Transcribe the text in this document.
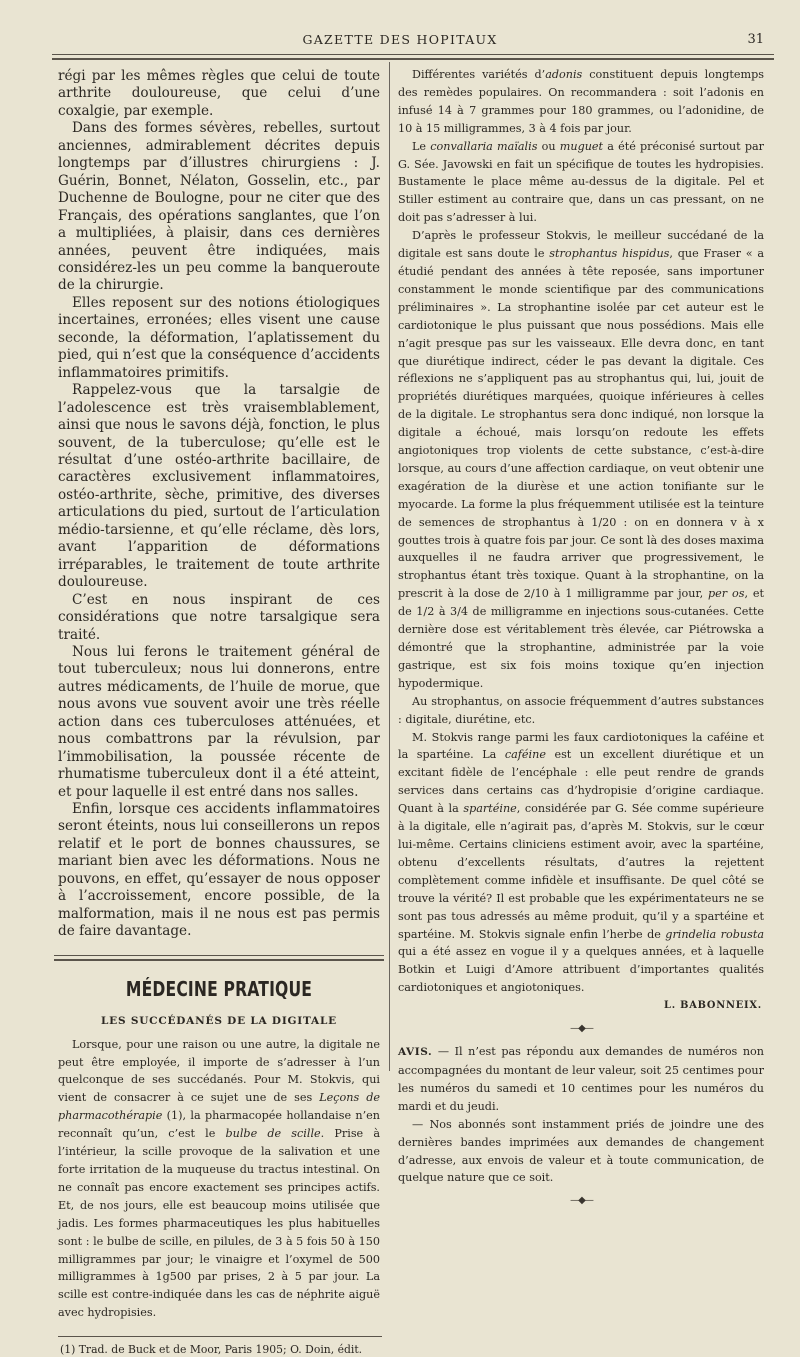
GAZETTE DES HOPITAUX	31

régi par les mêmes règles que celui de toute arthrite douloureuse, que celui d’une coxalgie, par exemple.

Dans des formes sévères, rebelles, surtout anciennes, admirablement décrites depuis longtemps par d’illustres chirurgiens : J. Guérin, Bonnet, Nélaton, Gosselin, etc., par Duchenne de Boulogne, pour ne citer que des Français, des opérations sanglantes, que l’on a multipliées, à plaisir, dans ces dernières années, peuvent être indiquées, mais considérez-les un peu comme la banqueroute de la chirurgie.

Elles reposent sur des notions étiologiques incertaines, erronées; elles visent une cause seconde, la déformation, l’aplatissement du pied, qui n’est que la conséquence d’accidents inflammatoires primitifs.

Rappelez-vous que la tarsalgie de l’adolescence est très vraisemblablement, ainsi que nous le savons déjà, fonction, le plus souvent, de la tuberculose; qu’elle est le résultat d’une ostéo-arthrite bacillaire, de caractères exclusivement inflammatoires, ostéo-arthrite, sèche, primitive, des diverses articulations du pied, surtout de l’articulation médio-tarsienne, et qu’elle réclame, dès lors, avant l’apparition de déformations irréparables, le traitement de toute arthrite douloureuse.

C’est en nous inspirant de ces considérations que notre tarsalgique sera traité.

Nous lui ferons le traitement général de tout tuberculeux; nous lui donnerons, entre autres médicaments, de l’huile de morue, que nous avons vue souvent avoir une très réelle action dans ces tuberculoses atténuées, et nous combattrons par la révulsion, par l’immobilisation, la poussée récente de rhumatisme tuberculeux dont il a été atteint, et pour laquelle il est entré dans nos salles.

Enfin, lorsque ces accidents inflammatoires seront éteints, nous lui conseillerons un repos relatif et le port de bonnes chaussures, se mariant bien avec les déformations. Nous ne pouvons, en effet, qu’essayer de nous opposer à l’accroissement, encore possible, de la malformation, mais il ne nous est pas permis de faire davantage.

MÉDECINE PRATIQUE
LES SUCCÉDANÉS DE LA DIGITALE

Lorsque, pour une raison ou une autre, la digitale ne peut être employée, il importe de s’adresser à l’un quelconque de ses succédanés. Pour M. Stokvis, qui vient de consacrer à ce sujet une de ses Leçons de pharmacothérapie (1), la pharmacopée hollandaise n’en reconnaît qu’un, c’est le bulbe de scille. Prise à l’intérieur, la scille provoque de la salivation et une forte irritation de la muqueuse du tractus intestinal. On ne connaît pas encore exactement ses principes actifs. Et, de nos jours, elle est beaucoup moins utilisée que jadis. Les formes pharmaceutiques les plus habituelles sont : le bulbe de scille, en pilules, de 3 à 5 fois 50 à 150 milligrammes par jour; le vinaigre et l’oxymel de 500 milligrammes à 1g500 par prises, 2 à 5 par jour. La scille est contre-indiquée dans les cas de néphrite aiguë avec hydropisies.

(1) Trad. de Buck et de Moor, Paris 1905; O. Doin, édit.

Différentes variétés d’adonis constituent depuis longtemps des remèdes populaires. On recommandera : soit l’adonis en infusé 14 à 7 grammes pour 180 grammes, ou l’adonidine, de 10 à 15 milligrammes, 3 à 4 fois par jour.

Le convallaria maïalis ou muguet a été préconisé surtout par G. Sée. Javowski en fait un spécifique de toutes les hydropisies. Bustamente le place même au-dessus de la digitale. Pel et Stiller estiment au contraire que, dans un cas pressant, on ne doit pas s’adresser à lui.

D’après le professeur Stokvis, le meilleur succédané de la digitale est sans doute le strophantus hispidus, que Fraser « a étudié pendant des années à tête reposée, sans importuner constamment le monde scientifique par des communications préliminaires ». La strophantine isolée par cet auteur est le cardiotonique le plus puissant que nous possédions. Mais elle n’agit presque pas sur les vaisseaux. Elle devra donc, en tant que diurétique indirect, céder le pas devant la digitale. Ces réflexions ne s’appliquent pas au strophantus qui, lui, jouit de propriétés diurétiques marquées, quoique inférieures à celles de la digitale. Le strophantus sera donc indiqué, non lorsque la digitale a échoué, mais lorsqu’on redoute les effets angiotoniques trop violents de cette substance, c’est-à-dire lorsque, au cours d’une affection cardiaque, on veut obtenir une exagération de la diurèse et une action tonifiante sur le myocarde. La forme la plus fréquemment utilisée est la teinture de semences de strophantus à 1/20 : on en donnera v à x gouttes trois à quatre fois par jour. Ce sont là des doses maxima auxquelles il ne faudra arriver que progressivement, le strophantus étant très toxique. Quant à la strophantine, on la prescrit à la dose de 2/10 à 1 milligramme par jour, per os, et de 1/2 à 3/4 de milligramme en injections sous-cutanées. Cette dernière dose est véritablement très élevée, car Piétrowska a démontré que la strophantine, administrée par la voie gastrique, est six fois moins toxique qu’en injection hypodermique.

Au strophantus, on associe fréquemment d’autres substances : digitale, diurétine, etc.

M. Stokvis range parmi les faux cardiotoniques la caféine et la spartéine. La caféine est un excellent diurétique et un excitant fidèle de l’encéphale : elle peut rendre de grands services dans certains cas d’hydropisie d’origine cardiaque. Quant à la spartéine, considérée par G. Sée comme supérieure à la digitale, elle n’agirait pas, d’après M. Stokvis, sur le cœur lui-même. Certains cliniciens estiment avoir, avec la spartéine, obtenu d’excellents résultats, d’autres la rejettent complètement comme infidèle et insuffisante. De quel côté se trouve la vérité? Il est probable que les expérimentateurs ne se sont pas tous adressés au même produit, qu’il y a spartéine et spartéine. M. Stokvis signale enfin l’herbe de grindelia robusta qui a été assez en vogue il y a quelques années, et à laquelle Botkin et Luigi d’Amore attribuent d’importantes qualités cardiotoniques et angiotoniques.

L. BABONNEIX.
—◆—

AVIS. — Il n’est pas répondu aux demandes de numéros non accompagnées du montant de leur valeur, soit 25 centimes pour les numéros du samedi et 10 centimes pour les numéros du mardi et du jeudi.

— Nos abonnés sont instamment priés de joindre une des dernières bandes imprimées aux demandes de changement d’adresse, aux envois de valeur et à toute communication, de quelque nature que ce soit.

—◆—
